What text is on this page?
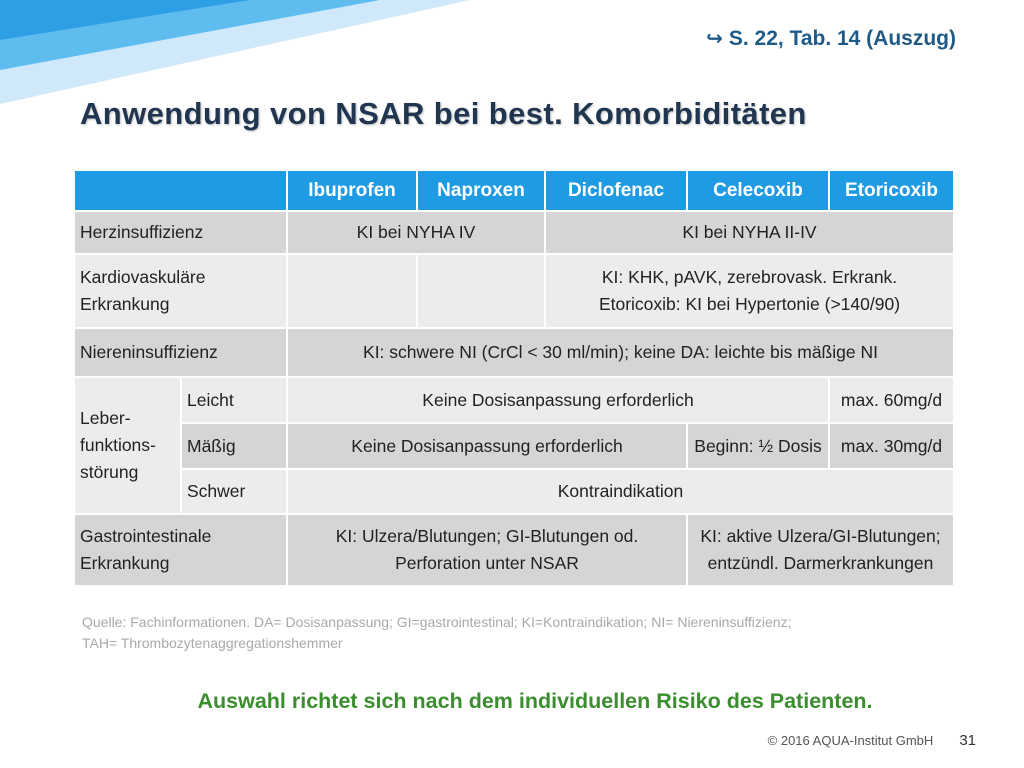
↪ S. 22, Tab. 14 (Auszug)
Anwendung von NSAR bei best. Komorbiditäten
		Ibuprofen	Naproxen	Diclofenac	Celecoxib	Etoricoxib
Herzinsuffizienz		KI bei NYHA IV		KI bei NYHA II-IV		
Kardiovaskuläre Erkrankung				KI: KHK, pAVK, zerebrovask. Erkrank.
Etoricoxib: KI bei Hypertonie (>140/90)		

Niereninsuffizienz		KI: schwere NI (CrCl < 30 ml/min); keine DA: leichte bis mäßige NI				
Leber-funktions-störung	Leicht	Keine Dosisanpassung erforderlich				max. 60mg/d
	Mäßig	Keine Dosisanpassung erforderlich			Beginn: ½ Dosis	max. 30mg/d
	Schwer	Kontraindikation				
Gastrointestinale Erkrankung		KI: Ulzera/Blutungen; GI-Blutungen od. Perforation unter NSAR			KI: aktive Ulzera/GI-Blutungen; entzündl. Darmerkrankungen	
Quelle: Fachinformationen. DA= Dosisanpassung; GI=gastrointestinal; KI=Kontraindikation; NI= Niereninsuffizienz;
TAH= Thrombozytenaggregationshemmer
Auswahl richtet sich nach dem individuellen Risiko des Patienten.
© 2016 AQUA-Institut GmbH 31
